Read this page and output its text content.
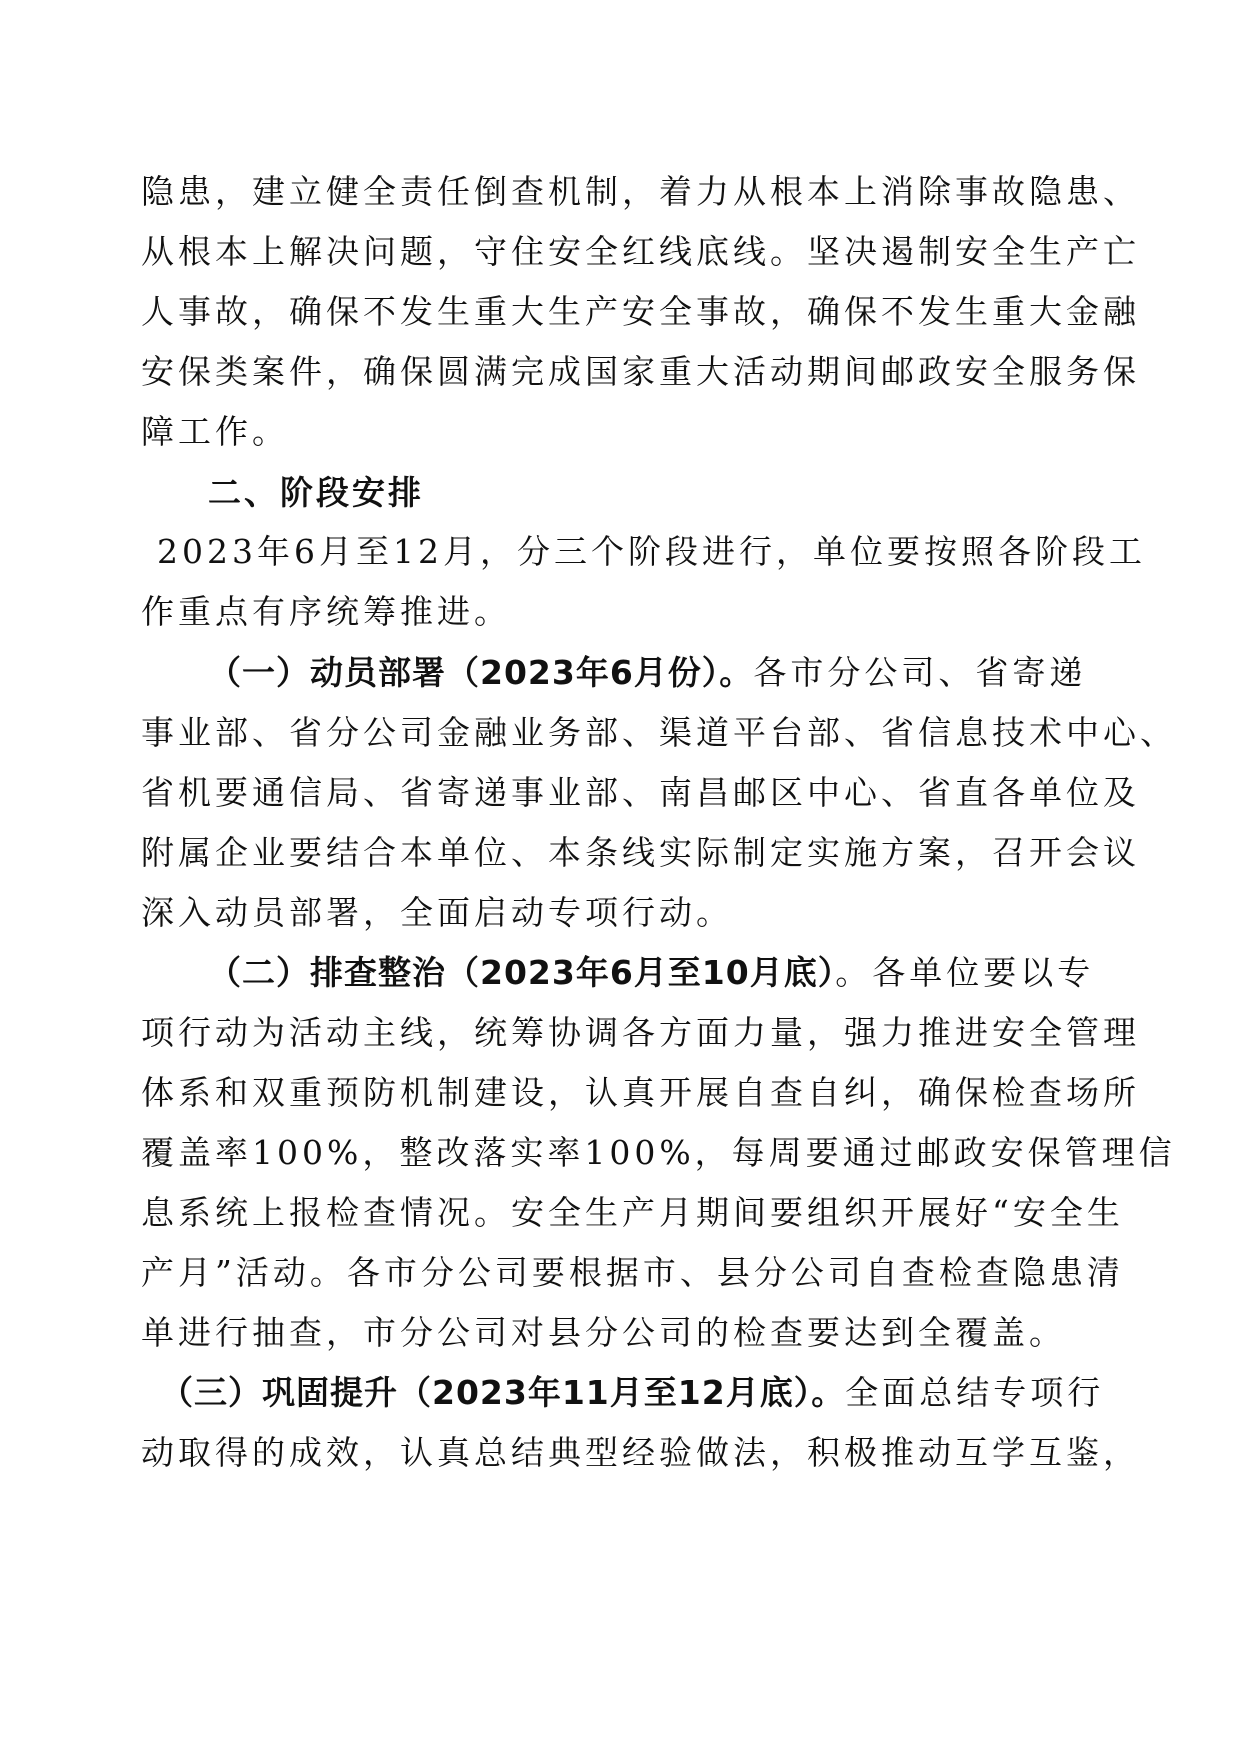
隐患，建立健全责任倒查机制，着力从根本上消除事故隐患、
从根本上解决问题，守住安全红线底线。坚决遏制安全生产亡
人事故，确保不发生重大生产安全事故，确保不发生重大金融
安保类案件，确保圆满完成国家重大活动期间邮政安全服务保
障工作。
二、阶段安排
2023年6月至12月，分三个阶段进行，单位要按照各阶段工
作重点有序统筹推进。
（一）动员部署（2023年6月份）。各市分公司、省寄递
事业部、省分公司金融业务部、渠道平台部、省信息技术中心、
省机要通信局、省寄递事业部、南昌邮区中心、省直各单位及
附属企业要结合本单位、本条线实际制定实施方案，召开会议
深入动员部署，全面启动专项行动。
（二）排查整治（2023年6月至10月底）。各单位要以专
项行动为活动主线，统筹协调各方面力量，强力推进安全管理
体系和双重预防机制建设，认真开展自查自纠，确保检查场所
覆盖率100%，整改落实率100%，每周要通过邮政安保管理信
息系统上报检查情况。安全生产月期间要组织开展好“安全生
产月”活动。各市分公司要根据市、县分公司自查检查隐患清
单进行抽查，市分公司对县分公司的检查要达到全覆盖。
（三）巩固提升（2023年11月至12月底）。全面总结专项行
动取得的成效，认真总结典型经验做法，积极推动互学互鉴，
